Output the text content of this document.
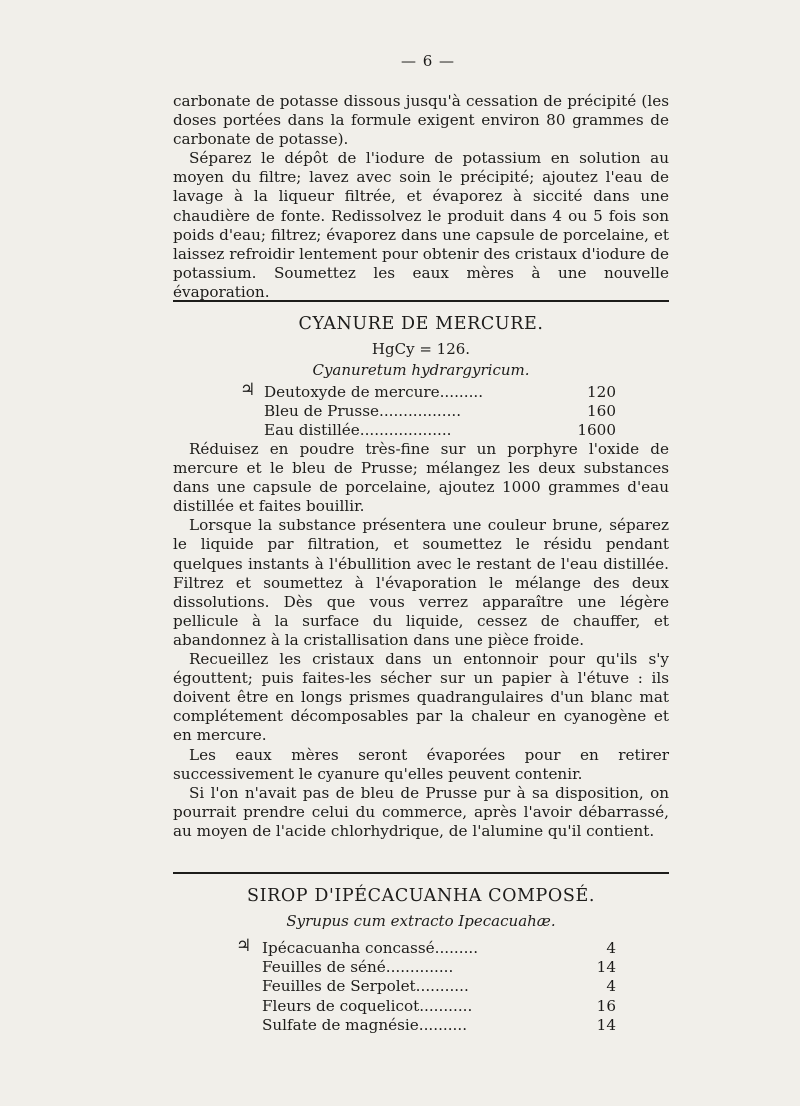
— 6 —

carbonate de potasse dissous jusqu'à cessation de précipité (les doses portées dans la formule exigent environ 80 grammes de carbonate de potasse).

Séparez le dépôt de l'iodure de potassium en solution au moyen du filtre; lavez avec soin le précipité; ajoutez l'eau de lavage à la liqueur filtrée, et évaporez à siccité dans une chaudière de fonte. Redissolvez le produit dans 4 ou 5 fois son poids d'eau; filtrez; évaporez dans une capsule de porcelaine, et laissez refroidir lentement pour obtenir des cristaux d'iodure de potassium. Soumettez les eaux mères à une nouvelle évaporation.

CYANURE DE MERCURE.
HgCy = 126.
Cyanuretum hydrargyricum.
♃ Deutoxyde de mercure.........	120
Bleu de Prusse.................	160
Eau distillée...................	1600

Réduisez en poudre très-fine sur un porphyre l'oxide de mercure et le bleu de Prusse; mélangez les deux substances dans une capsule de porcelaine, ajoutez 1000 grammes d'eau distillée et faites bouillir.

Lorsque la substance présentera une couleur brune, séparez le liquide par filtration, et soumettez le résidu pendant quelques instants à l'ébullition avec le restant de l'eau distillée. Filtrez et soumettez à l'évaporation le mélange des deux dissolutions. Dès que vous verrez apparaître une légère pellicule à la surface du liquide, cessez de chauffer, et abandonnez à la cristallisation dans une pièce froide.

Recueillez les cristaux dans un entonnoir pour qu'ils s'y égouttent; puis faites-les sécher sur un papier à l'étuve : ils doivent être en longs prismes quadrangulaires d'un blanc mat complétement décomposables par la chaleur en cyanogène et en mercure.

Les eaux mères seront évaporées pour en retirer successivement le cyanure qu'elles peuvent contenir.

Si l'on n'avait pas de bleu de Prusse pur à sa disposition, on pourrait prendre celui du commerce, après l'avoir débarrassé, au moyen de l'acide chlorhydrique, de l'alumine qu'il contient.

SIROP D'IPÉCACUANHA COMPOSÉ.
Syrupus cum extracto Ipecacuahæ.
♃ Ipécacuanha concassé.........	4
Feuilles de séné..............	14
Feuilles de Serpolet...........	4
Fleurs de coquelicot...........	16
Sulfate de magnésie..........	14
